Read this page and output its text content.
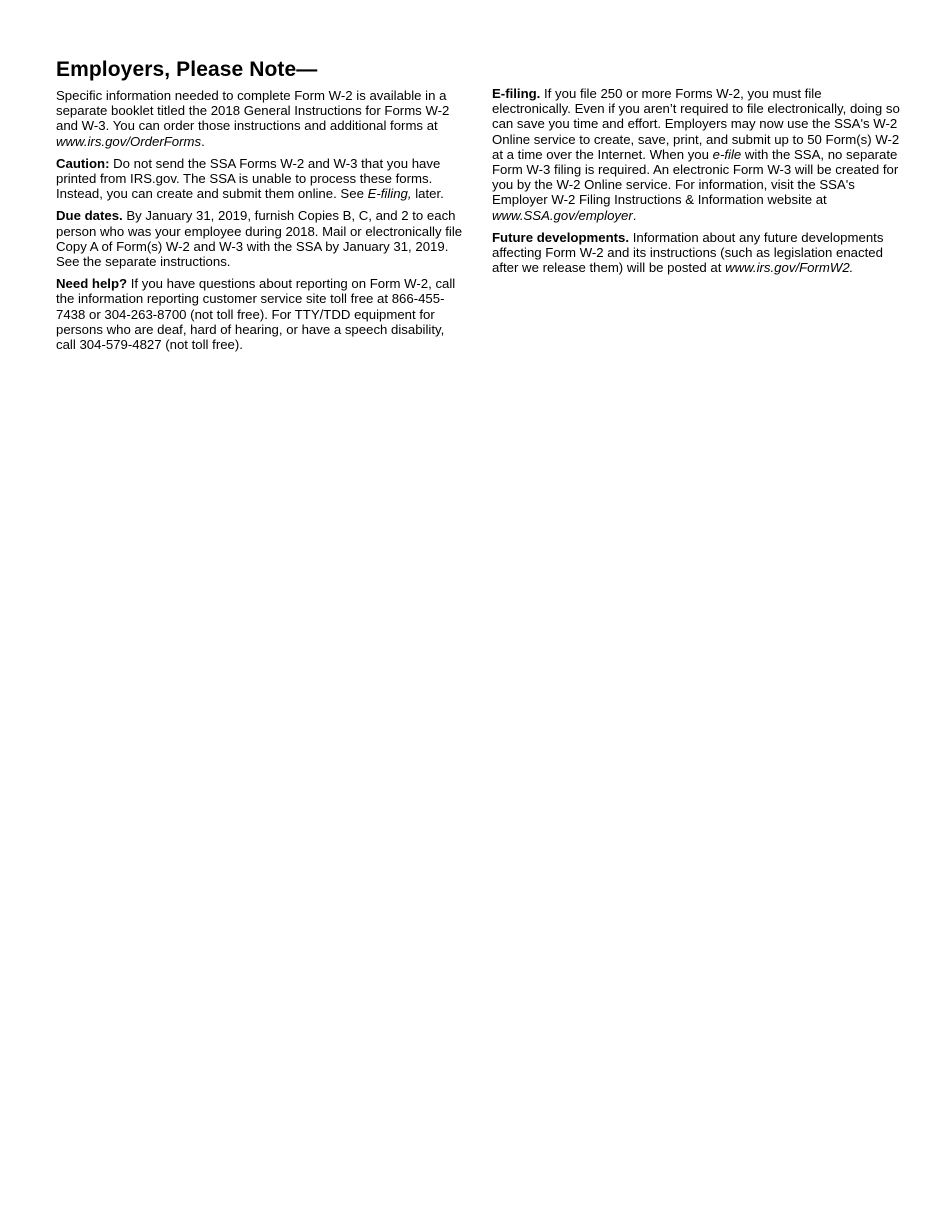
Employers, Please Note—

Specific information needed to complete Form W-2 is available in a separate booklet titled the 2018 General Instructions for Forms W-2 and W-3. You can order those instructions and additional forms at www.irs.gov/OrderForms.

Caution: Do not send the SSA Forms W-2 and W-3 that you have printed from IRS.gov. The SSA is unable to process these forms. Instead, you can create and submit them online. See E-filing, later.

Due dates. By January 31, 2019, furnish Copies B, C, and 2 to each person who was your employee during 2018. Mail or electronically file Copy A of Form(s) W-2 and W-3 with the SSA by January 31, 2019. See the separate instructions.

Need help? If you have questions about reporting on Form W-2, call the information reporting customer service site toll free at 866-455-7438 or 304-263-8700 (not toll free). For TTY/TDD equipment for persons who are deaf, hard of hearing, or have a speech disability, call 304-579-4827 (not toll free).

E-filing. If you file 250 or more Forms W-2, you must file electronically. Even if you aren’t required to file electronically, doing so can save you time and effort. Employers may now use the SSA's W-2 Online service to create, save, print, and submit up to 50 Form(s) W-2 at a time over the Internet. When you e-file with the SSA, no separate Form W-3 filing is required. An electronic Form W-3 will be created for you by the W-2 Online service. For information, visit the SSA's Employer W-2 Filing Instructions & Information website at www.SSA.gov/employer.

Future developments. Information about any future developments affecting Form W-2 and its instructions (such as legislation enacted after we release them) will be posted at www.irs.gov/FormW2.
